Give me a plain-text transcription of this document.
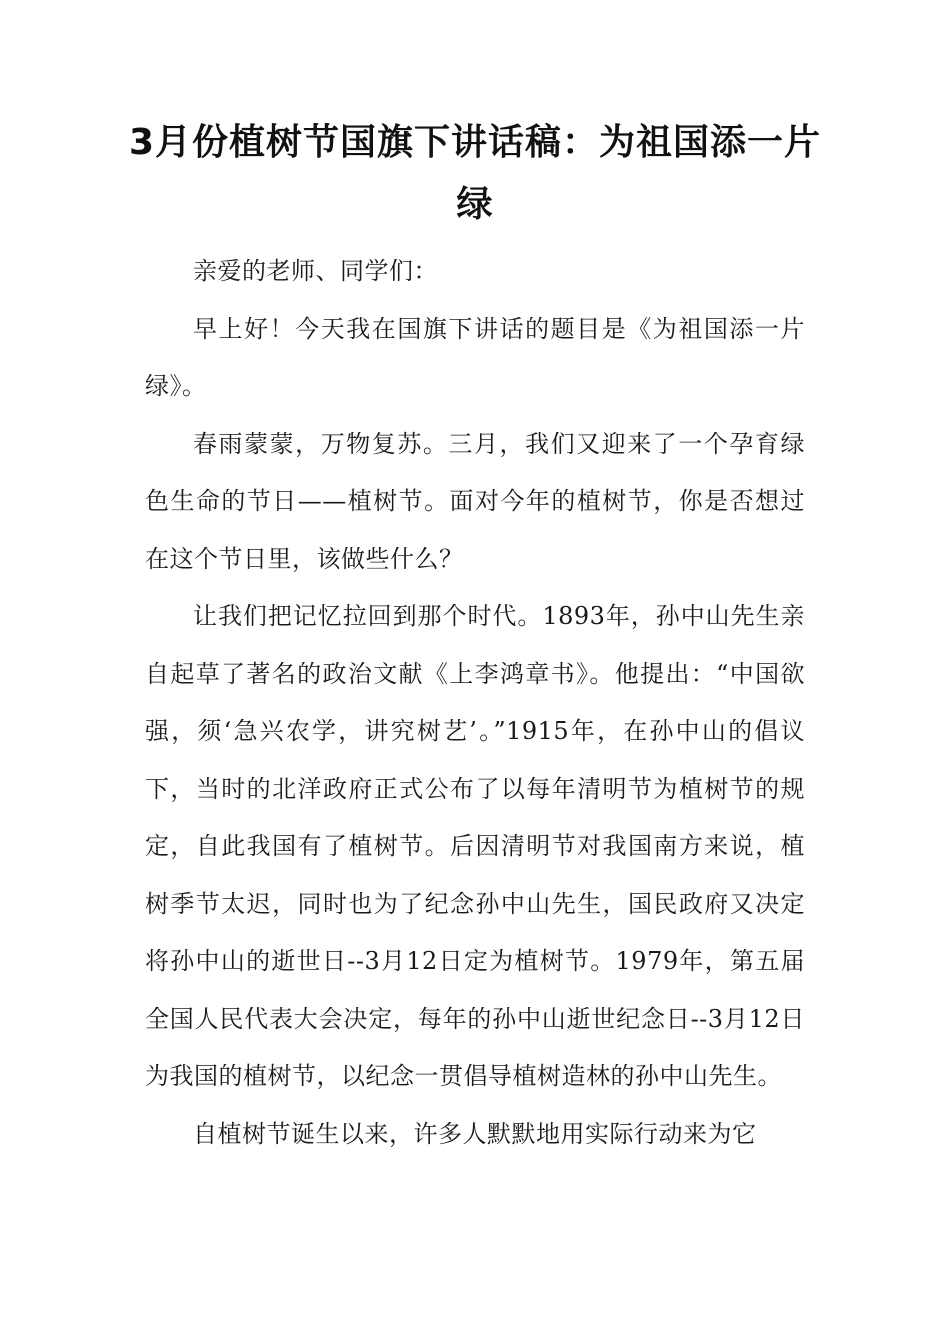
3月份植树节国旗下讲话稿：为祖国添一片绿

亲爱的老师、同学们：

早上好！今天我在国旗下讲话的题目是《为祖国添一片绿》。

春雨蒙蒙，万物复苏。三月，我们又迎来了一个孕育绿色生命的节日——植树节。面对今年的植树节，你是否想过在这个节日里，该做些什么？

让我们把记忆拉回到那个时代。1893年，孙中山先生亲自起草了著名的政治文献《上李鸿章书》。他提出：“中国欲强，须‘急兴农学，讲究树艺’。”1915年，在孙中山的倡议下，当时的北洋政府正式公布了以每年清明节为植树节的规定，自此我国有了植树节。后因清明节对我国南方来说，植树季节太迟，同时也为了纪念孙中山先生，国民政府又决定将孙中山的逝世日--3月12日定为植树节。1979年，第五届全国人民代表大会决定，每年的孙中山逝世纪念日--3月12日为我国的植树节，以纪念一贯倡导植树造林的孙中山先生。

自植树节诞生以来，许多人默默地用实际行动来为它
